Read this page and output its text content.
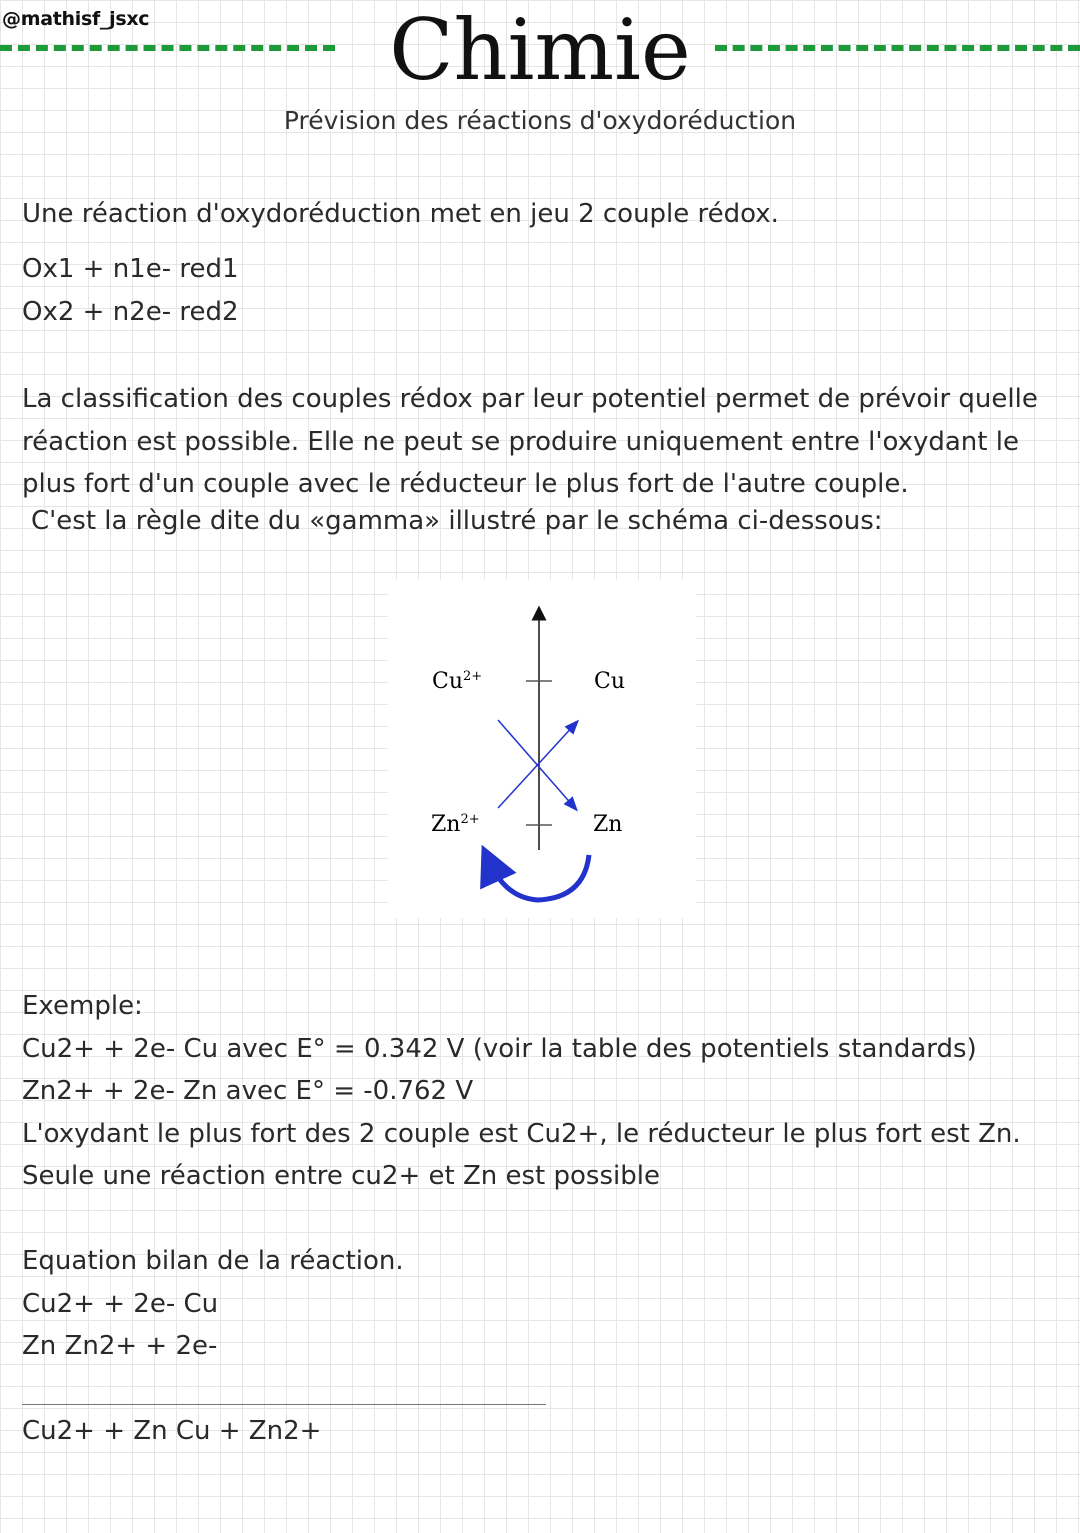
@mathisf_jsxc	Chimie
Prévision des réactions d'oxydoréduction
Une réaction d'oxydoréduction met en jeu 2 couple rédox.
Ox1 + n1e- red1
Ox2 + n2e- red2
La classification des couples rédox par leur potentiel permet de prévoir quelle réaction est possible. Elle ne peut se produire uniquement entre l'oxydant le plus fort d'un couple avec le réducteur le plus fort de l'autre couple.
C'est la règle dite du «gamma» illustré par le schéma ci-dessous:
$Cu^{2+}$	Cu
$Zn^{2+}$	Zn
Exemple:
Cu2+ + 2e- Cu avec E° = 0.342 V (voir la table des potentiels standards)
Zn2+ + 2e- Zn avec E° = -0.762 V
L'oxydant le plus fort des 2 couple est Cu2+, le réducteur le plus fort est Zn.
Seule une réaction entre cu2+ et Zn est possible
Equation bilan de la réaction.
Cu2+ + 2e- Cu
Zn Zn2+ + 2e-
Cu2+ + Zn Cu + Zn2+
